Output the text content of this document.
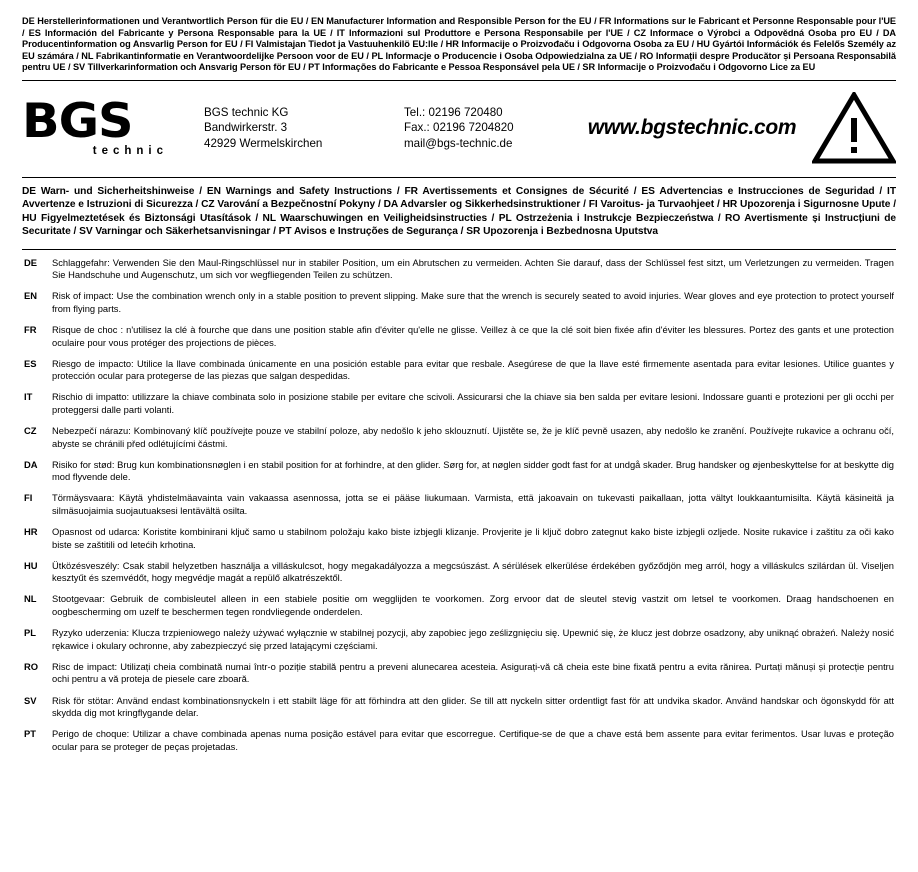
DE Herstellerinformationen und Verantwortlich Person für die EU / EN Manufacturer Information and Responsible Person for the EU / FR Informations sur le Fabricant et Personne Responsable pour l'UE / ES Información del Fabricante y Persona Responsable para la UE / IT Informazioni sul Produttore e Persona Responsabile per l'UE / CZ Informace o Výrobci a Odpovědná Osoba pro EU / DA Producentinformation og Ansvarlig Person for EU / FI Valmistajan Tiedot ja Vastuuhenkilö EU:lle / HR Informacije o Proizvođaču i Odgovorna Osoba za EU / HU Gyártói Információk és Felelős Személy az EU számára / NL Fabrikantinformatie en Verantwoordelijke Persoon voor de EU / PL Informacje o Producencie i Osoba Odpowiedzialna za UE / RO Informații despre Producător și Persoana Responsabilă pentru UE / SV Tillverkarinformation och Ansvarig Person för EU / PT Informações do Fabricante e Pessoa Responsável pela UE / SR Informacije o Proizvođaču i Odgovorno Lice za EU
BGS
technic
BGS technic KG
Bandwirkerstr. 3
42929 Wermelskirchen
Tel.: 02196 720480
Fax.: 02196 7204820
mail@bgs-technic.de
www.bgstechnic.com
DE Warn- und Sicherheitshinweise / EN Warnings and Safety Instructions / FR Avertissements et Consignes de Sécurité / ES Advertencias e Instrucciones de Seguridad / IT Avvertenze e Istruzioni di Sicurezza / CZ Varování a Bezpečnostní Pokyny / DA Advarsler og Sikkerhedsinstruktioner / FI Varoitus- ja Turvaohjeet / HR Upozorenja i Sigurnosne Upute / HU Figyelmeztetések és Biztonsági Utasítások / NL Waarschuwingen en Veiligheidsinstructies / PL Ostrzeżenia i Instrukcje Bezpieczeństwa / RO Avertismente și Instrucțiuni de Securitate / SV Varningar och Säkerhetsanvisningar / PT Avisos e Instruções de Segurança / SR Upozorenja i Bezbednosna Uputstva
DE	Schlaggefahr: Verwenden Sie den Maul-Ringschlüssel nur in stabiler Position, um ein Abrutschen zu vermeiden. Achten Sie darauf, dass der Schlüssel fest sitzt, um Verletzungen zu vermeiden. Tragen Sie Handschuhe und Augenschutz, um sich vor wegfliegenden Teilen zu schützen.
EN	Risk of impact: Use the combination wrench only in a stable position to prevent slipping. Make sure that the wrench is securely seated to avoid injuries. Wear gloves and eye protection to protect yourself from flying parts.
FR	Risque de choc : n'utilisez la clé à fourche que dans une position stable afin d'éviter qu'elle ne glisse. Veillez à ce que la clé soit bien fixée afin d'éviter les blessures. Portez des gants et une protection oculaire pour vous protéger des projections de pièces.
ES	Riesgo de impacto: Utilice la llave combinada únicamente en una posición estable para evitar que resbale. Asegúrese de que la llave esté firmemente asentada para evitar lesiones. Utilice guantes y protección ocular para protegerse de las piezas que salgan despedidas.
IT	Rischio di impatto: utilizzare la chiave combinata solo in posizione stabile per evitare che scivoli. Assicurarsi che la chiave sia ben salda per evitare lesioni. Indossare guanti e protezioni per gli occhi per proteggersi dalle parti volanti.
CZ	Nebezpečí nárazu: Kombinovaný klíč používejte pouze ve stabilní poloze, aby nedošlo k jeho sklouznutí. Ujistěte se, že je klíč pevně usazen, aby nedošlo ke zranění. Používejte rukavice a ochranu očí, abyste se chránili před odlétujícími částmi.
DA	Risiko for stød: Brug kun kombinationsnøglen i en stabil position for at forhindre, at den glider. Sørg for, at nøglen sidder godt fast for at undgå skader. Brug handsker og øjenbeskyttelse for at beskytte dig mod flyvende dele.
FI	Törmäysvaara: Käytä yhdistelmäavainta vain vakaassa asennossa, jotta se ei pääse liukumaan. Varmista, että jakoavain on tukevasti paikallaan, jotta vältyt loukkaantumisilta. Käytä käsineitä ja silmäsuojaimia suojautuaksesi lentävältä osilta.
HR	Opasnost od udarca: Koristite kombinirani ključ samo u stabilnom položaju kako biste izbjegli klizanje. Provjerite je li ključ dobro zategnut kako biste izbjegli ozljede. Nosite rukavice i zaštitu za oči kako biste se zaštitili od letećih krhotina.
HU	Ütközésveszély: Csak stabil helyzetben használja a villáskulcsot, hogy megakadályozza a megcsúszást. A sérülések elkerülése érdekében győződjön meg arról, hogy a villáskulcs szilárdan ül. Viseljen kesztyűt és szemvédőt, hogy megvédje magát a repülő alkatrészektől.
NL	Stootgevaar: Gebruik de combisleutel alleen in een stabiele positie om wegglijden te voorkomen. Zorg ervoor dat de sleutel stevig vastzit om letsel te voorkomen. Draag handschoenen en oogbescherming om uzelf te beschermen tegen rondvliegende onderdelen.
PL	Ryzyko uderzenia: Klucza trzpieniowego należy używać wyłącznie w stabilnej pozycji, aby zapobiec jego ześlizgnięciu się. Upewnić się, że klucz jest dobrze osadzony, aby uniknąć obrażeń. Należy nosić rękawice i okulary ochronne, aby zabezpieczyć się przed latającymi częściami.
RO	Risc de impact: Utilizați cheia combinată numai într-o poziție stabilă pentru a preveni alunecarea acesteia. Asigurați-vă că cheia este bine fixată pentru a evita rănirea. Purtați mănuși și protecție pentru ochi pentru a vă proteja de piesele care zboară.
SV	Risk för stötar: Använd endast kombinationsnyckeln i ett stabilt läge för att förhindra att den glider. Se till att nyckeln sitter ordentligt fast för att undvika skador. Använd handskar och ögonskydd för att skydda dig mot kringflygande delar.
PT	Perigo de choque: Utilizar a chave combinada apenas numa posição estável para evitar que escorregue. Certifique-se de que a chave está bem assente para evitar ferimentos. Usar luvas e proteção ocular para se proteger de peças projetadas.
